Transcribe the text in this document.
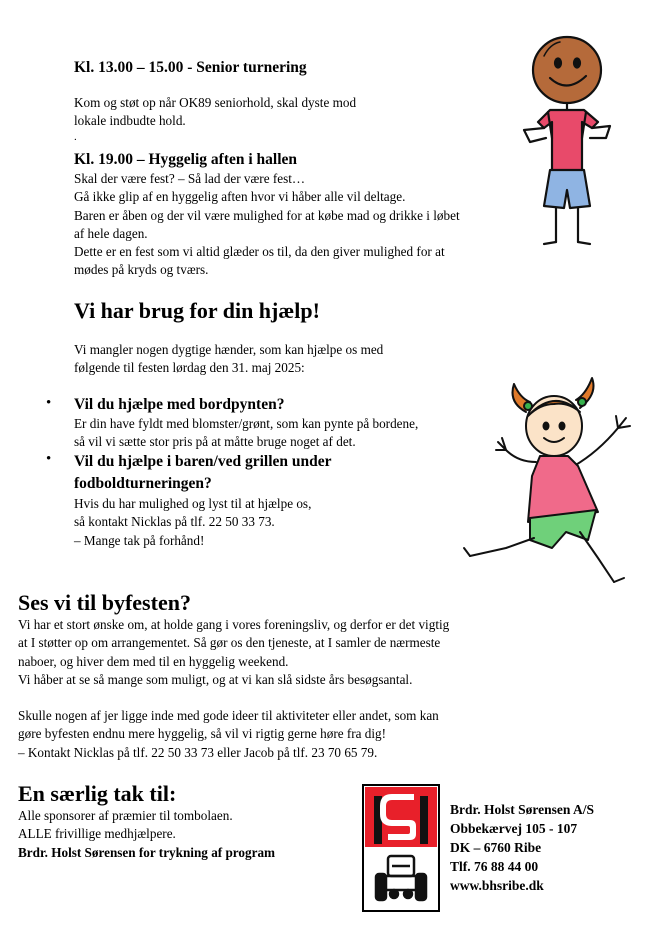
Kl. 13.00 – 15.00 - Senior turnering
Kom og støt op når OK89 seniorhold, skal dyste mod
lokale indbudte hold.
.
Kl. 19.00 – Hyggelig aften i hallen
Skal der være fest? – Så lad der være fest…
Gå ikke glip af en hyggelig aften hvor vi håber alle vil deltage.
Baren er åben og der vil være mulighed for at købe mad og drikke i løbet
af hele dagen.
Dette er en fest som vi altid glæder os til, da den giver mulighed for at
mødes på kryds og tværs.
Vi har brug for din hjælp!
Vi mangler nogen dygtige hænder, som kan hjælpe os med
følgende til festen lørdag den 31. maj 2025:
• Vil du hjælpe med bordpynten?
Er din have fyldt med blomster/grønt, som kan pynte på bordene,
så vil vi sætte stor pris på at måtte bruge noget af det.
• Vil du hjælpe i baren/ved grillen under
fodboldturneringen?
Hvis du har mulighed og lyst til at hjælpe os,
så kontakt Nicklas på tlf. 22 50 33 73.
– Mange tak på forhånd!
Ses vi til byfesten?
Vi har et stort ønske om, at holde gang i vores foreningsliv, og derfor er det vigtig
at I støtter op om arrangementet. Så gør os den tjeneste, at I samler de nærmeste
naboer, og hiver dem med til en hyggelig weekend.
Vi håber at se så mange som muligt, og at vi kan slå sidste års besøgsantal.
Skulle nogen af jer ligge inde med gode ideer til aktiviteter eller andet, som kan
gøre byfesten endnu mere hyggelig, så vil vi rigtig gerne høre fra dig!
– Kontakt Nicklas på tlf. 22 50 33 73 eller Jacob på tlf. 23 70 65 79.
En særlig tak til:
Alle sponsorer af præmier til tombolaen.
ALLE frivillige medhjælpere.
Brdr. Holst Sørensen for trykning af program
Brdr. Holst Sørensen A/S
Obbekærvej 105 - 107
DK – 6760 Ribe
Tlf. 76 88 44 00
www.bhsribe.dk
